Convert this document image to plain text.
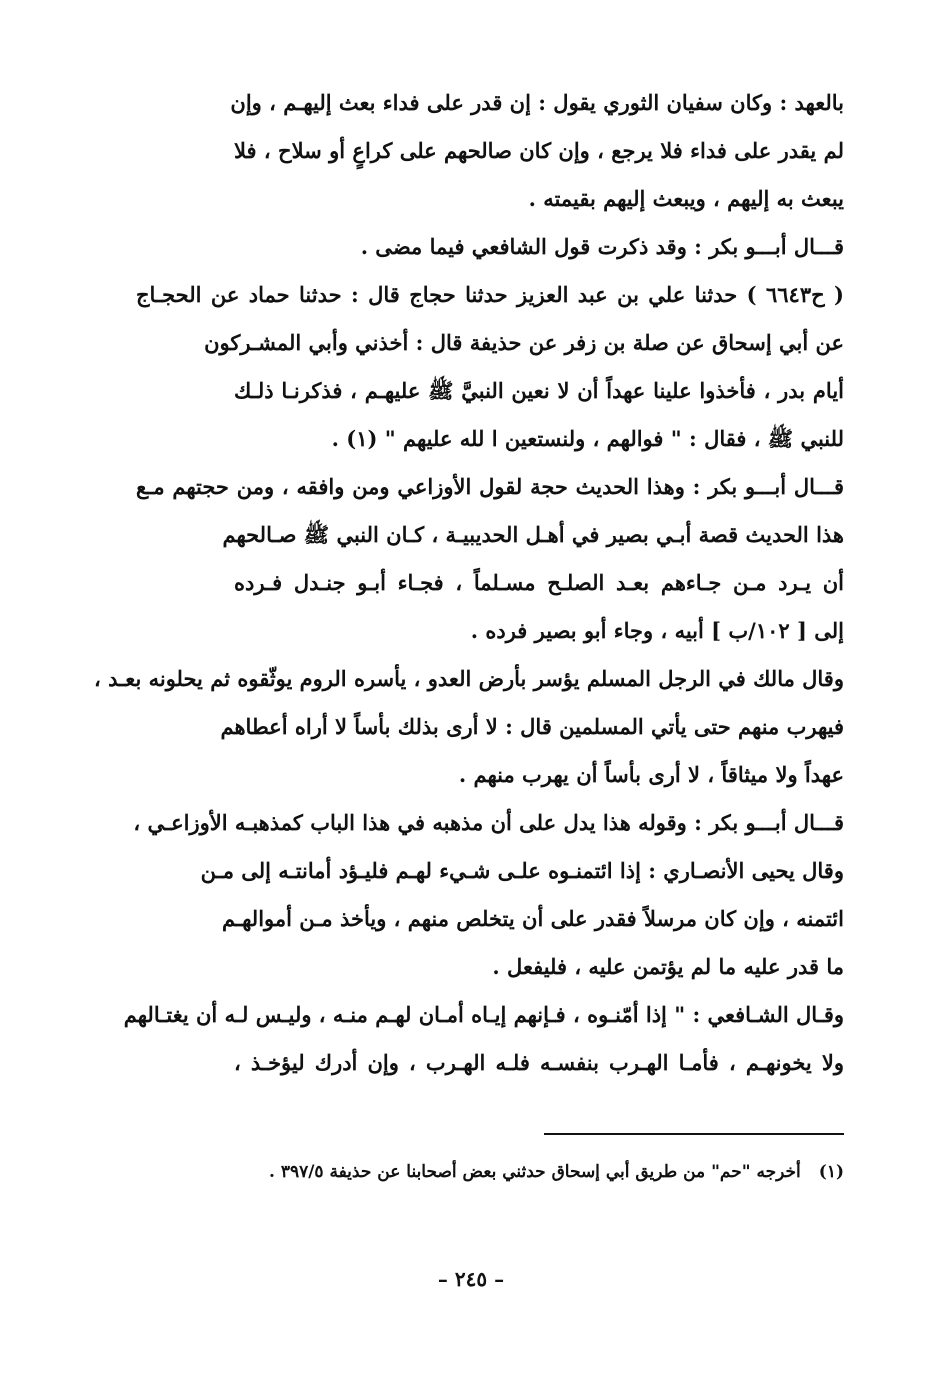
بالعهد : وكان سفيان الثوري يقول : إن قدر على فداء بعث إليهـم ، وإن
لم يقدر على فداء فلا يرجع ، وإن كان صالحهم على كراعٍ أو سلاح ، فلا
يبعث به إليهم ، ويبعث إليهم بقيمته .
قـــال أبـــو بكر : وقد ذكرت قول الشافعي فيما مضى .
( ح٦٦٤٣ ) حدثنا علي بن عبد العزيز حدثنا حجاج قال : حدثنا حماد عن الحجـاج
عن أبي إسحاق عن صلة بن زفر عن حذيفة قال : أخذني وأبي المشـركون
أيام بدر ، فأخذوا علينا عهداً أن لا نعين النبيَّ ﷺ عليهـم ، فذكرنـا ذلـك
للنبي ﷺ ، فقال : " فوالهم ، ولنستعين ا لله عليهم " (١) .
قـــال أبـــو بكر : وهذا الحديث حجة لقول الأوزاعي ومن وافقه ، ومن حجتهم مـع
هذا الحديث قصة أبـي بصير في أهـل الحديبيـة ، كـان النبي ﷺ صـالحهم
أن يـرد مـن جـاءهم بعـد الصلـح مسـلماً ، فجـاء أبـو جنـدل فـرده
إلى [ ١٠٢/ب ] أبيه ، وجاء أبو بصير فرده .
وقال مالك في الرجل المسلم يؤسر بأرض العدو ، يأسره الروم يوثّقوه ثم يحلونه بعـد ،
فيهرب منهم حتى يأتي المسلمين قال : لا أرى بذلك بأساً لا أراه أعطاهم
عهداً ولا ميثاقاً ، لا أرى بأساً أن يهرب منهم .
قـــال أبـــو بكر : وقوله هذا يدل على أن مذهبه في هذا الباب كمذهبـه الأوزاعـي ،
وقال يحيى الأنصـاري : إذا ائتمنـوه علـى شـيء لهـم فليـؤد أمانتـه إلى مـن
ائتمنه ، وإن كان مرسلاً فقدر على أن يتخلص منهم ، ويأخذ مـن أموالهـم
ما قدر عليه ما لم يؤتمن عليه ، فليفعل .
وقـال الشـافعي : " إذا أمّنـوه ، فـإنهم إيـاه أمـان لهـم منـه ، وليـس لـه أن يغتـالهم
ولا يخونهـم ، فأمـا الهـرب بنفسـه فلـه الهـرب ، وإن أدرك ليؤخـذ ،
(١)أخرجه "حم" من طريق أبي إسحاق حدثني بعض أصحابنا عن حذيفة ٣٩٧/٥ .
– ٢٤٥ –
